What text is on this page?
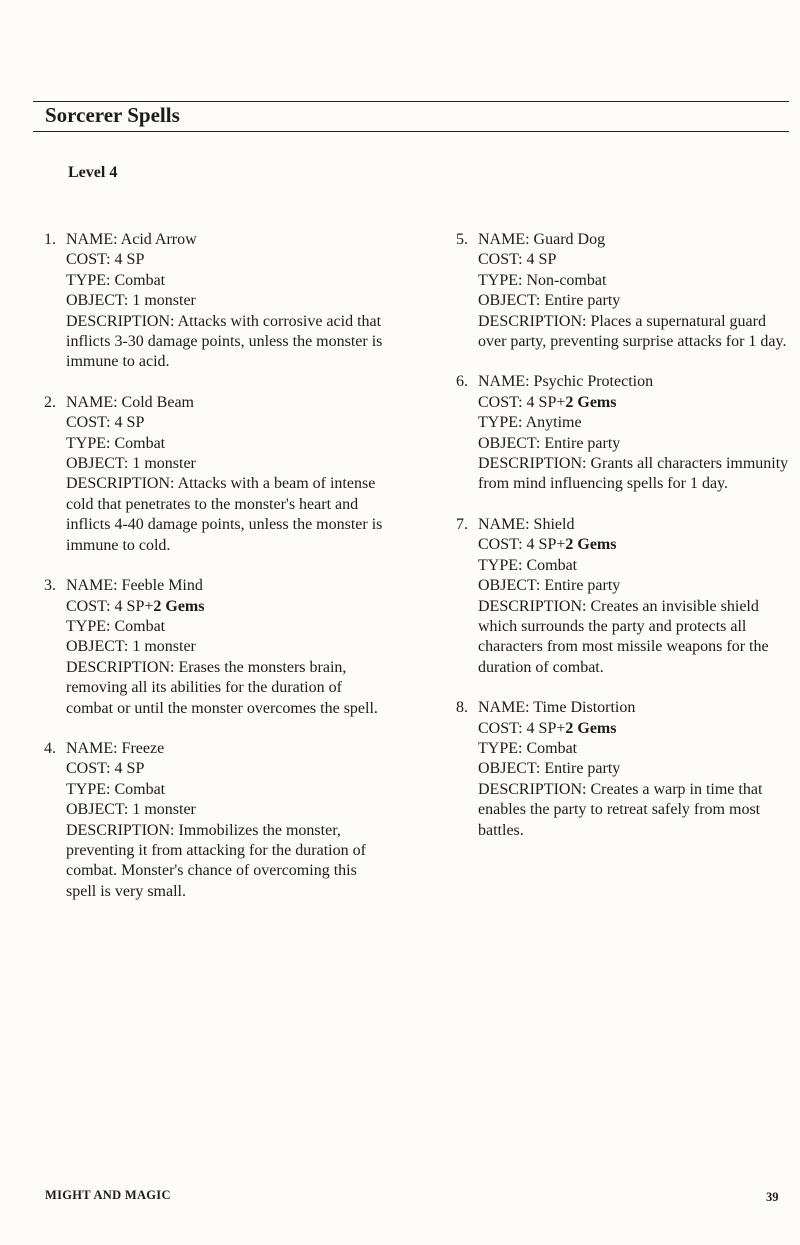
Sorcerer Spells
Level 4
1. NAME: Acid Arrow
COST: 4 SP
TYPE: Combat
OBJECT: 1 monster
DESCRIPTION: Attacks with corrosive acid that inflicts 3-30 damage points, unless the monster is immune to acid.
2. NAME: Cold Beam
COST: 4 SP
TYPE: Combat
OBJECT: 1 monster
DESCRIPTION: Attacks with a beam of intense cold that penetrates to the monster's heart and inflicts 4-40 damage points, unless the monster is immune to cold.
3. NAME: Feeble Mind
COST: 4 SP+2 Gems
TYPE: Combat
OBJECT: 1 monster
DESCRIPTION: Erases the monsters brain, removing all its abilities for the duration of combat or until the monster overcomes the spell.
4. NAME: Freeze
COST: 4 SP
TYPE: Combat
OBJECT: 1 monster
DESCRIPTION: Immobilizes the monster, preventing it from attacking for the duration of combat. Monster's chance of overcoming this spell is very small.
5. NAME: Guard Dog
COST: 4 SP
TYPE: Non-combat
OBJECT: Entire party
DESCRIPTION: Places a supernatural guard over party, preventing surprise attacks for 1 day.
6. NAME: Psychic Protection
COST: 4 SP+2 Gems
TYPE: Anytime
OBJECT: Entire party
DESCRIPTION: Grants all characters immunity from mind influencing spells for 1 day.
7. NAME: Shield
COST: 4 SP+2 Gems
TYPE: Combat
OBJECT: Entire party
DESCRIPTION: Creates an invisible shield which surrounds the party and protects all characters from most missile weapons for the duration of combat.
8. NAME: Time Distortion
COST: 4 SP+2 Gems
TYPE: Combat
OBJECT: Entire party
DESCRIPTION: Creates a warp in time that enables the party to retreat safely from most battles.
MIGHT AND MAGIC	39
